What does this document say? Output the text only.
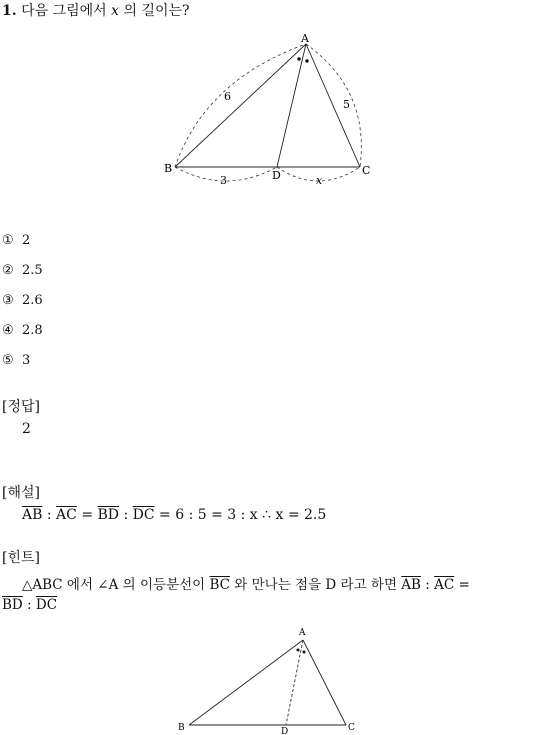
1. 다음 그림에서 x 의 길이는?
A
B	C
D
6
5
3	x
① 2
② 2.5
③ 2.6
④ 2.8
⑤ 3
[정답]
2
[해설]
$\overline{AB}$ : $\overline{AC} = \overline{BD}$ : $\overline{DC} = 6$ : 5 = 3 : x ∴ x = 2.5
[힌트]
△ABC 에서 ∠A 의 이등분선이 $\overline{BC}$ 와 만나는 점을 D 라고 하면 $\overline{AB}$ : $\overline{AC}$ =
$\overline{BD}$ : $\overline{DC}$
A
B	C
D
